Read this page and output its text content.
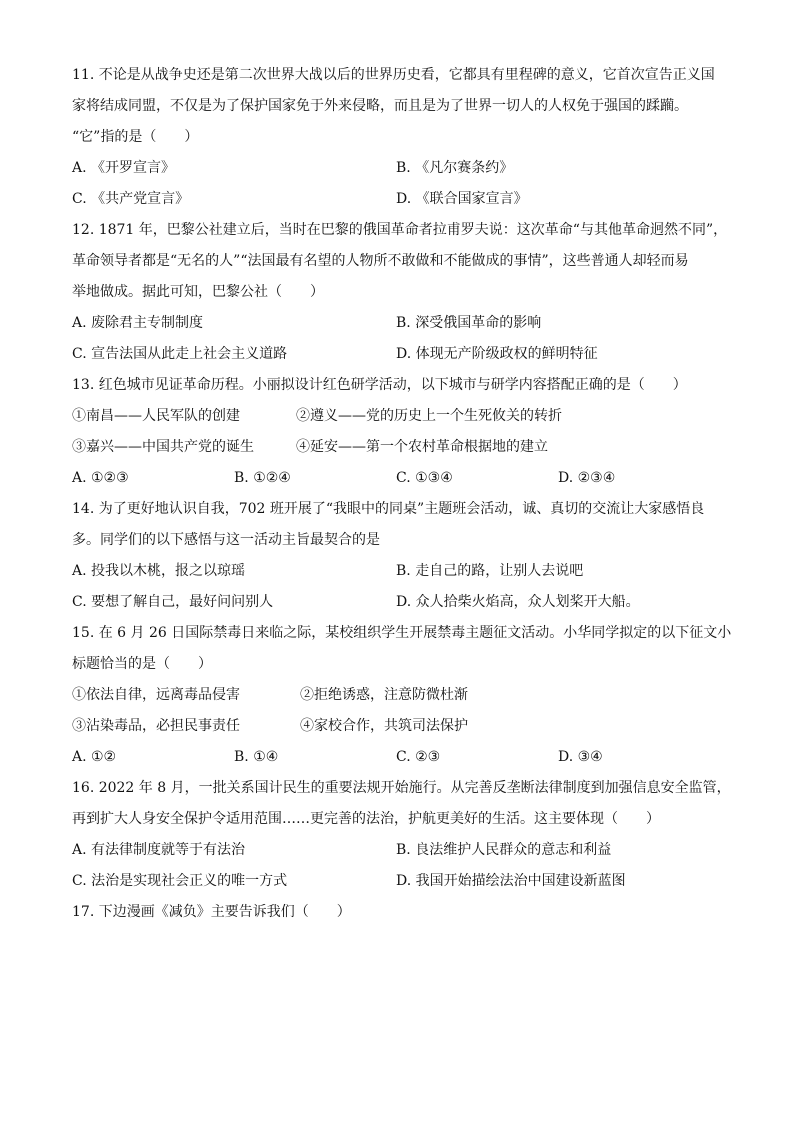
11. 不论是从战争史还是第二次世界大战以后的世界历史看，它都具有里程碑的意义，它首次宣告正义国
家将结成同盟，不仅是为了保护国家免于外来侵略，而且是为了世界一切人的人权免于强国的蹂躏。
“它”指的是（　　）
A. 《开罗宣言》	B. 《凡尔赛条约》
C. 《共产党宣言》	D. 《联合国家宣言》
12. 1871 年，巴黎公社建立后，当时在巴黎的俄国革命者拉甫罗夫说：这次革命“与其他革命迥然不同”，
革命领导者都是“无名的人”“法国最有名望的人物所不敢做和不能做成的事情”，这些普通人却轻而易
举地做成。据此可知，巴黎公社（　　）
A. 废除君主专制制度	B. 深受俄国革命的影响
C. 宣告法国从此走上社会主义道路	D. 体现无产阶级政权的鲜明特征
13. 红色城市见证革命历程。小丽拟设计红色研学活动，以下城市与研学内容搭配正确的是（　　）
①南昌——人民军队的创建	②遵义——党的历史上一个生死攸关的转折
③嘉兴——中国共产党的诞生	④延安——第一个农村革命根据地的建立
A. ①②③	B. ①②④	C. ①③④	D. ②③④
14. 为了更好地认识自我，702 班开展了“我眼中的同桌”主题班会活动，诚、真切的交流让大家感悟良
多。同学们的以下感悟与这一活动主旨最契合的是
A. 投我以木桃，报之以琼瑶	B. 走自己的路，让别人去说吧
C. 要想了解自己，最好问问别人	D. 众人拾柴火焰高，众人划桨开大船。
15. 在 6 月 26 日国际禁毒日来临之际，某校组织学生开展禁毒主题征文活动。小华同学拟定的以下征文小
标题恰当的是（　　）
①依法自律，远离毒品侵害	②拒绝诱惑，注意防微杜渐
③沾染毒品，必担民事责任	④家校合作，共筑司法保护
A. ①②	B. ①④	C. ②③	D. ③④
16. 2022 年 8 月，一批关系国计民生的重要法规开始施行。从完善反垄断法律制度到加强信息安全监管，
再到扩大人身安全保护令适用范围……更完善的法治，护航更美好的生活。这主要体现（　　）
A. 有法律制度就等于有法治	B. 良法维护人民群众的意志和利益
C. 法治是实现社会正义的唯一方式	D. 我国开始描绘法治中国建设新蓝图
17. 下边漫画《减负》主要告诉我们（　　）
